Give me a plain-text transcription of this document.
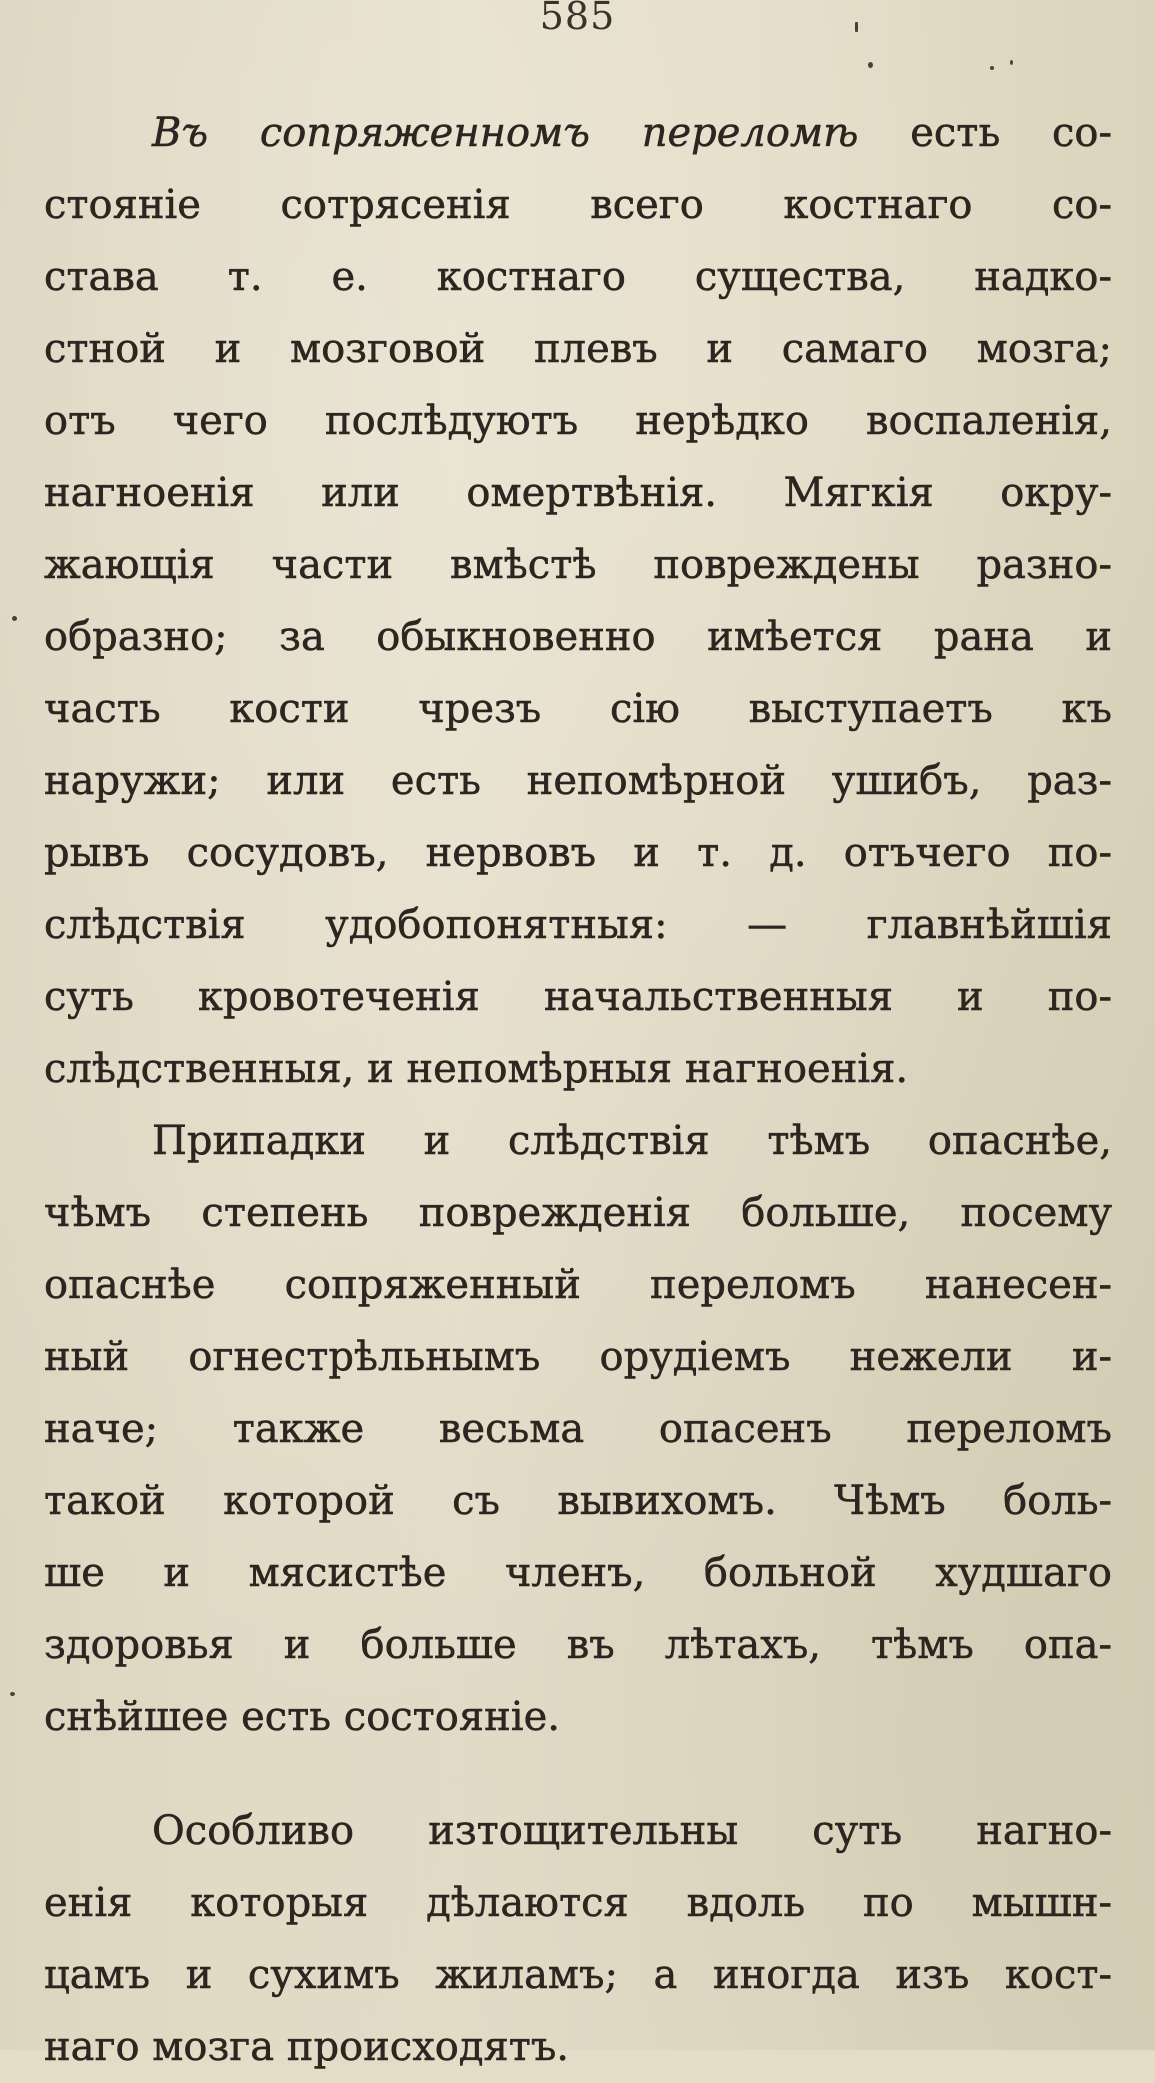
585
Въ сопряженномъ переломѣ есть со-
стояніе сотрясенія всего костнаго со-
става т. е. костнаго существа, надко-
стной и мозговой плевъ и самаго мозга;
отъ чего послѣдуютъ нерѣдко воспаленія,
нагноенія или омертвѣнія. Мягкія окру-
жающія части вмѣстѣ повреждены разно-
образно; за обыкновенно имѣется рана и
часть кости чрезъ сію выступаетъ къ
наружи; или есть непомѣрной ушибъ, раз-
рывъ сосудовъ, нервовъ и т. д. отъчего по-
слѣдствія удобопонятныя: — главнѣйшія
суть кровотеченія начальственныя и по-
слѣдственныя, и непомѣрныя нагноенія.
Припадки и слѣдствія тѣмъ опаснѣе,
чѣмъ степень поврежденія больше, посему
опаснѣе сопряженный переломъ нанесен-
ный огнестрѣльнымъ орудіемъ нежели и-
наче; также весьма опасенъ переломъ
такой которой съ вывихомъ. Чѣмъ боль-
ше и мясистѣе членъ, больной худшаго
здоровья и больше въ лѣтахъ, тѣмъ опа-
снѣйшее есть состояніе.
Особливо изтощительны суть нагно-
енія которыя дѣлаются вдоль по мышн-
цамъ и сухимъ жиламъ; а иногда изъ кост-
наго мозга происходятъ.
